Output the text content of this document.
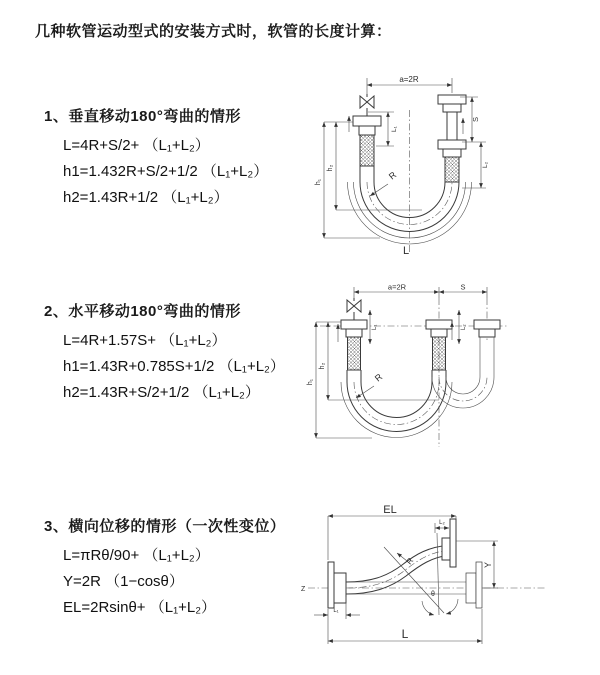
几种软管运动型式的安装方式时，软管的长度计算：
1、垂直移动180°弯曲的情形
L=4R+S/2+ （L₁+L₂）
h1=1.432R+S/2+1/2 （L₁+L₂）
h2=1.43R+1/2 （L₁+L₂）
a=2R
R
L
h₁
h₂
L₁
S
L₂
2、水平移动180°弯曲的情形
L=4R+1.57S+ （L₁+L₂）
h1=1.43R+0.785S+1/2 （L₁+L₂）
h2=1.43R+S/2+1/2 （L₁+L₂）
a=2R	S
L₁	L₂
R
h₁
h₂
3、横向位移的情形（一次性变位）
L=πRθ/90+ （L₁+L₂）
Y=2R （1−cosθ）
EL=2Rsinθ+ （L₁+L₂）
Z
θ
R
EL
L₂
Y
L₁
L
